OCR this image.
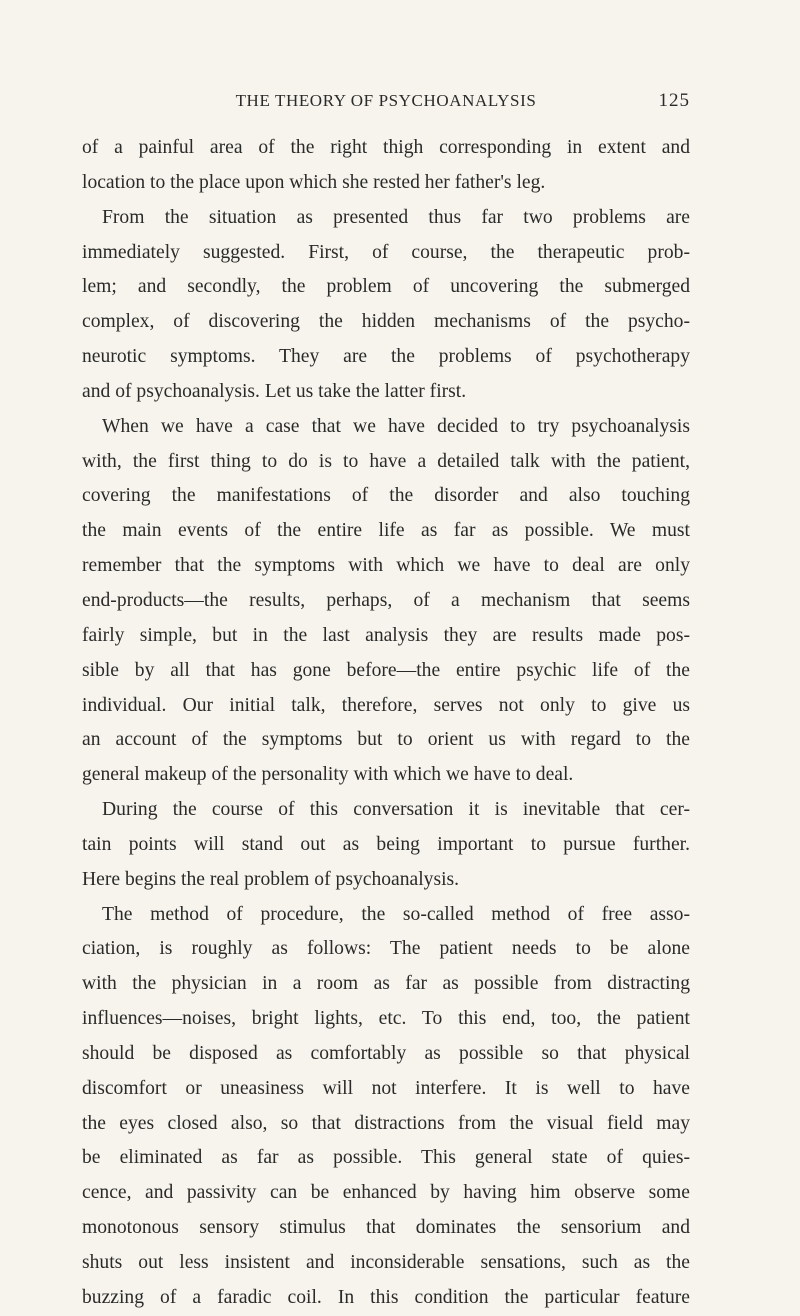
THE THEORY OF PSYCHOANALYSIS	125
of a painful area of the right thigh corresponding in extent and
location to the place upon which she rested her father's leg.
From the situation as presented thus far two problems are
immediately suggested. First, of course, the therapeutic prob-
lem; and secondly, the problem of uncovering the submerged
complex, of discovering the hidden mechanisms of the psycho-
neurotic symptoms. They are the problems of psychotherapy
and of psychoanalysis. Let us take the latter first.
When we have a case that we have decided to try psychoanalysis
with, the first thing to do is to have a detailed talk with the patient,
covering the manifestations of the disorder and also touching
the main events of the entire life as far as possible. We must
remember that the symptoms with which we have to deal are only
end-products—the results, perhaps, of a mechanism that seems
fairly simple, but in the last analysis they are results made pos-
sible by all that has gone before—the entire psychic life of the
individual. Our initial talk, therefore, serves not only to give us
an account of the symptoms but to orient us with regard to the
general makeup of the personality with which we have to deal.
During the course of this conversation it is inevitable that cer-
tain points will stand out as being important to pursue further.
Here begins the real problem of psychoanalysis.
The method of procedure, the so-called method of free asso-
ciation, is roughly as follows: The patient needs to be alone
with the physician in a room as far as possible from distracting
influences—noises, bright lights, etc. To this end, too, the patient
should be disposed as comfortably as possible so that physical
discomfort or uneasiness will not interfere. It is well to have
the eyes closed also, so that distractions from the visual field may
be eliminated as far as possible. This general state of quies-
cence, and passivity can be enhanced by having him observe some
monotonous sensory stimulus that dominates the sensorium and
shuts out less insistent and inconsiderable sensations, such as the
buzzing of a faradic coil. In this condition the particular feature
